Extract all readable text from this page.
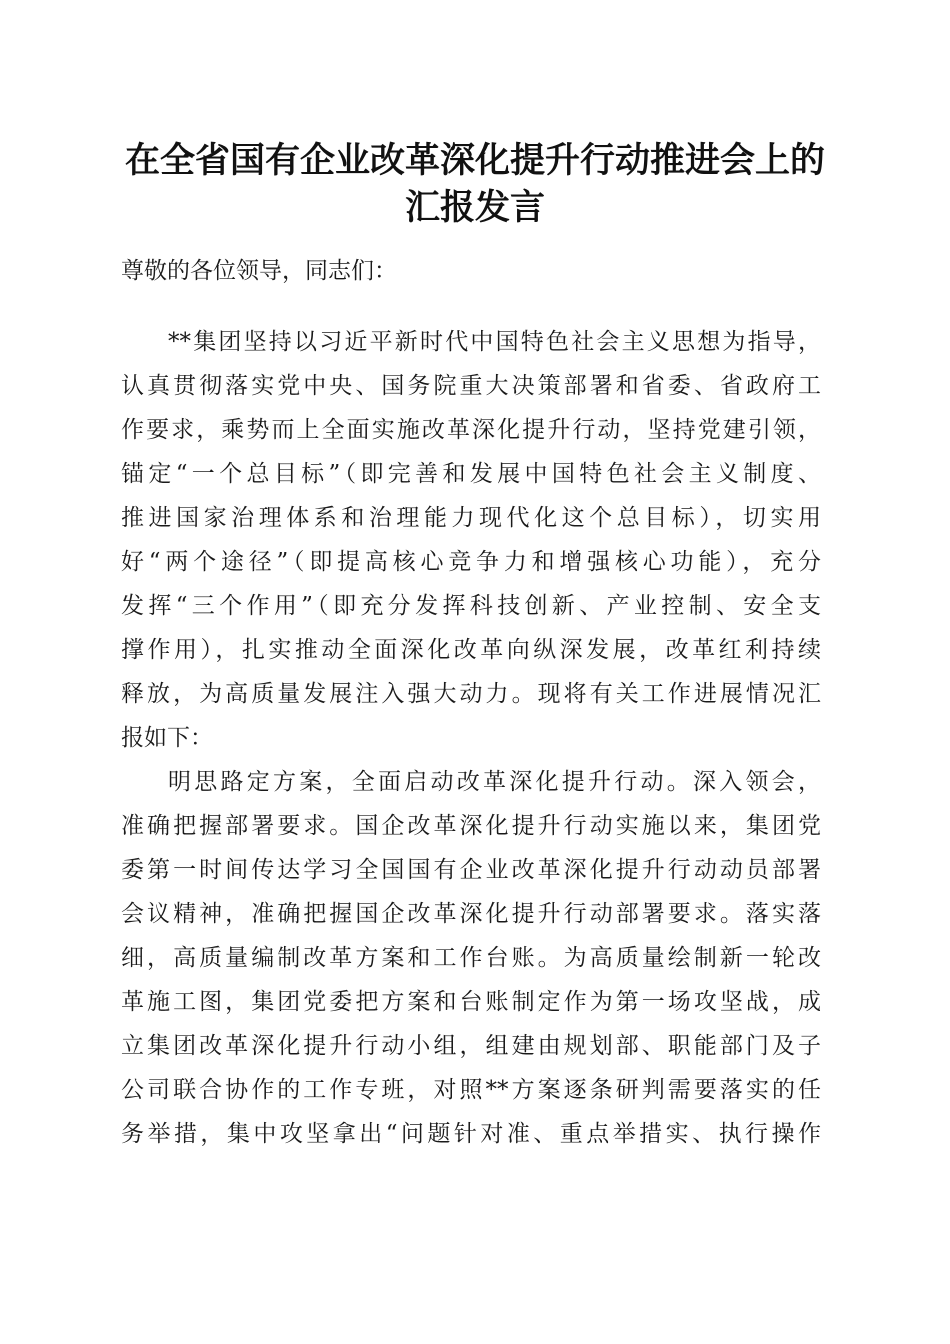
在全省国有企业改革深化提升行动推进会上的
汇报发言
尊敬的各位领导，同志们：
**集团坚持以习近平新时代中国特色社会主义思想为指导，
认真贯彻落实党中央、国务院重大决策部署和省委、省政府工
作要求，乘势而上全面实施改革深化提升行动，坚持党建引领，
锚定“一个总目标”（即完善和发展中国特色社会主义制度、
推进国家治理体系和治理能力现代化这个总目标），切实用
好“两个途径”（即提高核心竞争力和增强核心功能），充分
发挥“三个作用”（即充分发挥科技创新、产业控制、安全支
撑作用），扎实推动全面深化改革向纵深发展，改革红利持续
释放，为高质量发展注入强大动力。现将有关工作进展情况汇
报如下：
明思路定方案，全面启动改革深化提升行动。深入领会，
准确把握部署要求。国企改革深化提升行动实施以来，集团党
委第一时间传达学习全国国有企业改革深化提升行动动员部署
会议精神，准确把握国企改革深化提升行动部署要求。落实落
细，高质量编制改革方案和工作台账。为高质量绘制新一轮改
革施工图，集团党委把方案和台账制定作为第一场攻坚战，成
立集团改革深化提升行动小组，组建由规划部、职能部门及子
公司联合协作的工作专班，对照**方案逐条研判需要落实的任
务举措，集中攻坚拿出“问题针对准、重点举措实、执行操作
